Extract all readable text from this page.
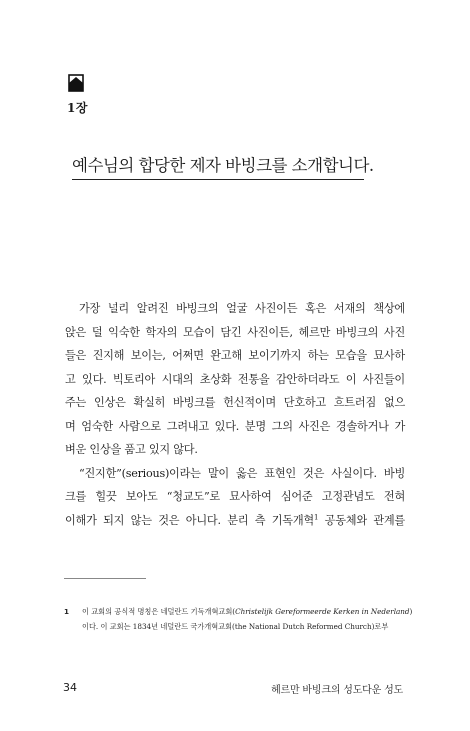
1장
예수님의 합당한 제자 바빙크를 소개합니다.
가장 널리 알려진 바빙크의 얼굴 사진이든 혹은 서재의 책상에
앉은 덜 익숙한 학자의 모습이 담긴 사진이든, 헤르만 바빙크의 사진
들은 진지해 보이는, 어쩌면 완고해 보이기까지 하는 모습을 묘사하
고 있다. 빅토리아 시대의 초상화 전통을 감안하더라도 이 사진들이
주는 인상은 확실히 바빙크를 헌신적이며 단호하고 흐트러짐 없으
며 엄숙한 사람으로 그려내고 있다. 분명 그의 사진은 경솔하거나 가
벼운 인상을 품고 있지 않다.
“진지한”(serious)이라는 말이 옳은 표현인 것은 사실이다. 바빙
크를 힐끗 보아도 “청교도”로 묘사하여 심어준 고정관념도 전혀
이해가 되지 않는 것은 아니다. 분리 측 기독개혁$^1$ 공동체와 관계를
1 이 교회의 공식적 명칭은 네덜란드 기독개혁교회(Christelijk Gereformeerde Kerken in Nederland)
이다. 이 교회는 1834년 네덜란드 국가개혁교회(the National Dutch Reformed Church)로부
34	헤르만 바빙크의 성도다운 성도
